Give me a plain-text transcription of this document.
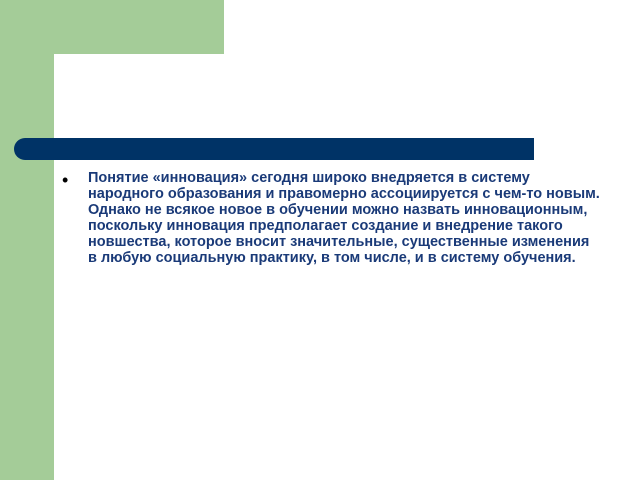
• Понятие «инновация» сегодня широко внедряется в систему народного образования и правомерно ассоциируется с чем-то новым.
Однако не всякое новое в обучении можно назвать инновационным, поскольку инновация предполагает создание и внедрение такого новшества, которое вносит значительные, существенные изменения в любую социальную практику, в том числе, и в систему обучения.
